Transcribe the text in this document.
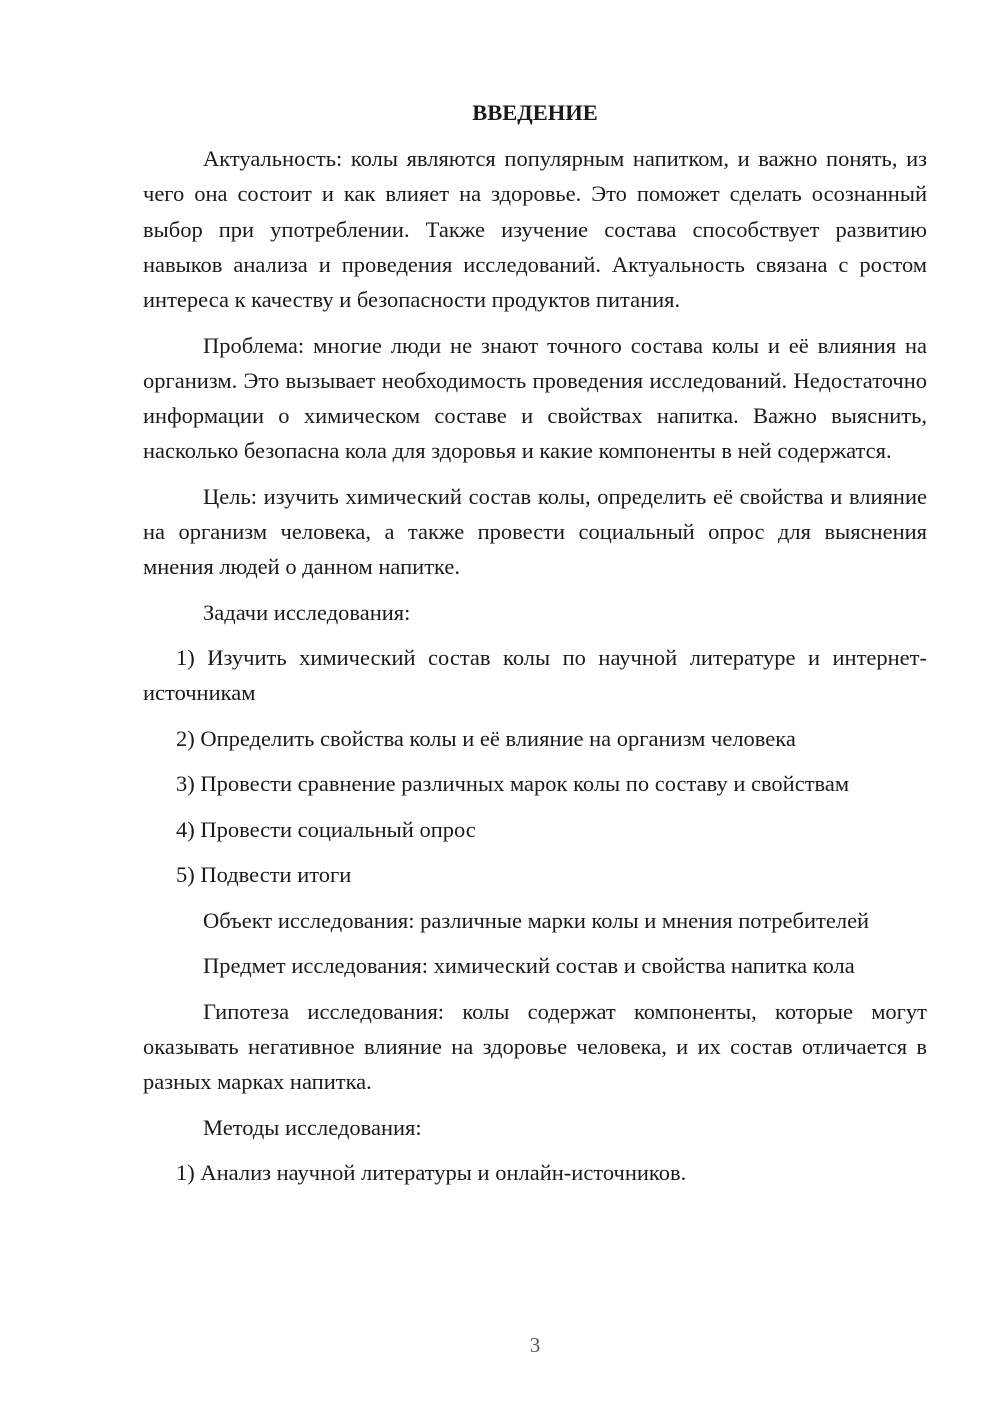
ВВЕДЕНИЕ
Актуальность: колы являются популярным напитком, и важно понять, из чего она состоит и как влияет на здоровье. Это поможет сделать осознанный выбор при употреблении. Также изучение состава способствует развитию навыков анализа и проведения исследований. Актуальность связана с ростом интереса к качеству и безопасности продуктов питания.
Проблема: многие люди не знают точного состава колы и её влияния на организм. Это вызывает необходимость проведения исследований. Недостаточно информации о химическом составе и свойствах напитка. Важно выяснить, насколько безопасна кола для здоровья и какие компоненты в ней содержатся.
Цель: изучить химический состав колы, определить её свойства и влияние на организм человека, а также провести социальный опрос для выяснения мнения людей о данном напитке.
Задачи исследования:
1) Изучить химический состав колы по научной литературе и интернет-источникам
2) Определить свойства колы и её влияние на организм человека
3) Провести сравнение различных марок колы по составу и свойствам
4) Провести социальный опрос
5) Подвести итоги
Объект исследования: различные марки колы и мнения потребителей
Предмет исследования: химический состав и свойства напитка кола
Гипотеза исследования: колы содержат компоненты, которые могут оказывать негативное влияние на здоровье человека, и их состав отличается в разных марках напитка.
Методы исследования:
1) Анализ научной литературы и онлайн-источников.
3
